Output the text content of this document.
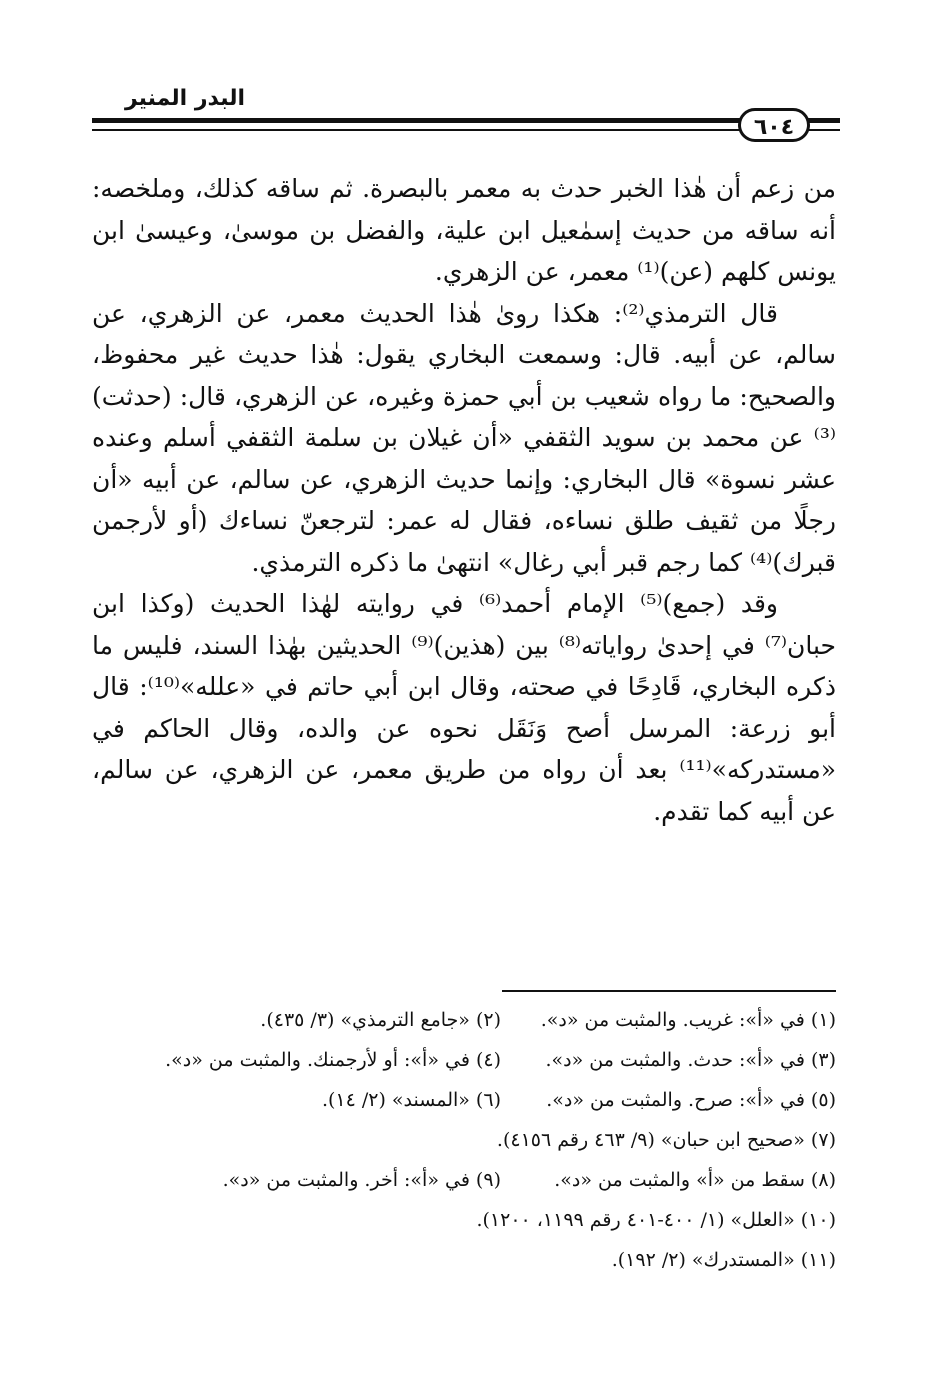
البدر المنير
٦٠٤

من زعم أن هٰذا الخبر حدث به معمر بالبصرة. ثم ساقه كذلك، وملخصه: أنه ساقه من حديث إسمٰعيل ابن علية، والفضل بن موسىٰ، وعيسىٰ ابن يونس كلهم (عن)⁽¹⁾ معمر، عن الزهري.

قال الترمذي⁽²⁾: هكذا روىٰ هٰذا الحديث معمر، عن الزهري، عن سالم، عن أبيه. قال: وسمعت البخاري يقول: هٰذا حديث غير محفوظ، والصحيح: ما رواه شعيب بن أبي حمزة وغيره، عن الزهري، قال: (حدثت)⁽³⁾ عن محمد بن سويد الثقفي «أن غيلان بن سلمة الثقفي أسلم وعنده عشر نسوة» قال البخاري: وإنما حديث الزهري، عن سالم، عن أبيه «أن رجلًا من ثقيف طلق نساءه، فقال له عمر: لترجعنّ نساءك (أو لأرجمن قبرك)⁽⁴⁾ كما رجم قبر أبي رغال» انتهىٰ ما ذكره الترمذي.

وقد (جمع)⁽⁵⁾ الإمام أحمد⁽⁶⁾ في روايته لهٰذا الحديث (وكذا ابن حبان⁽⁷⁾ في إحدىٰ رواياته⁽⁸⁾ بين (هذين)⁽⁹⁾ الحديثين بهٰذا السند، فليس ما ذكره البخاري، قَادِحًا في صحته، وقال ابن أبي حاتم في «علله»⁽¹⁰⁾: قال أبو زرعة: المرسل أصح وَنَقَل نحوه عن والده، وقال الحاكم في «مستدركه»⁽¹¹⁾ بعد أن رواه من طريق معمر، عن الزهري، عن سالم، عن أبيه كما تقدم.

(١) في «أ»: غريب. والمثبت من «د».
(٢) «جامع الترمذي» (٣/ ٤٣٥).
(٣) في «أ»: حدث. والمثبت من «د».
(٤) في «أ»: أو لأرجمنك. والمثبت من «د».
(٥) في «أ»: صرح. والمثبت من «د».
(٦) «المسند» (٢/ ١٤).
(٧) «صحيح ابن حبان» (٩/ ٤٦٣ رقم ٤١٥٦).
(٨) سقط من «أ» والمثبت من «د».
(٩) في «أ»: أخر. والمثبت من «د».
(١٠) «العلل» (١/ ٤٠٠-٤٠١ رقم ١١٩٩، ١٢٠٠).
(١١) «المستدرك» (٢/ ١٩٢).
